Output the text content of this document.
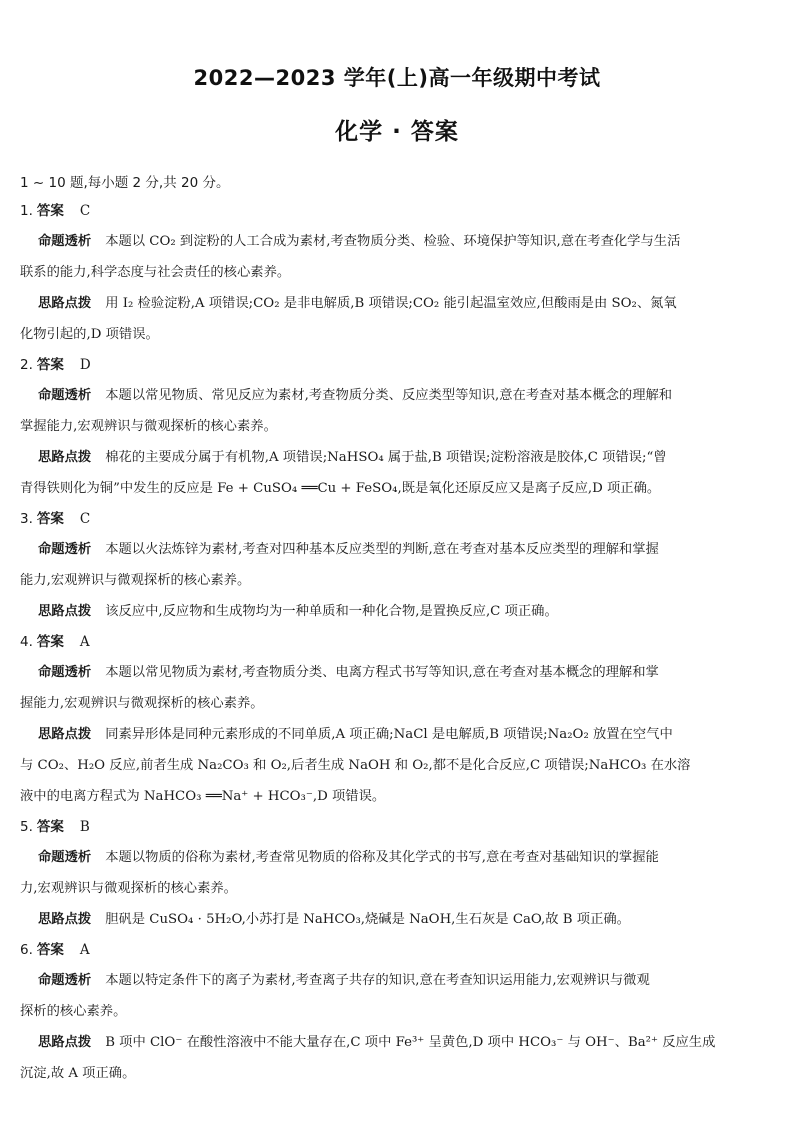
2022—2023 学年(上)高一年级期中考试
化学 · 答案
1 ~ 10 题,每小题 2 分,共 20 分。
1. 答案 C
命题透析 本题以 CO₂ 到淀粉的人工合成为素材,考查物质分类、检验、环境保护等知识,意在考查化学与生活
联系的能力,科学态度与社会责任的核心素养。
思路点拨 用 I₂ 检验淀粉,A 项错误;CO₂ 是非电解质,B 项错误;CO₂ 能引起温室效应,但酸雨是由 SO₂、氮氧
化物引起的,D 项错误。
2. 答案 D
命题透析 本题以常见物质、常见反应为素材,考查物质分类、反应类型等知识,意在考查对基本概念的理解和
掌握能力,宏观辨识与微观探析的核心素养。
思路点拨 棉花的主要成分属于有机物,A 项错误;NaHSO₄ 属于盐,B 项错误;淀粉溶液是胶体,C 项错误;“曾
青得铁则化为铜”中发生的反应是 Fe + CuSO₄ ══Cu + FeSO₄,既是氧化还原反应又是离子反应,D 项正确。
3. 答案 C
命题透析 本题以火法炼锌为素材,考查对四种基本反应类型的判断,意在考查对基本反应类型的理解和掌握
能力,宏观辨识与微观探析的核心素养。
思路点拨 该反应中,反应物和生成物均为一种单质和一种化合物,是置换反应,C 项正确。
4. 答案 A
命题透析 本题以常见物质为素材,考查物质分类、电离方程式书写等知识,意在考查对基本概念的理解和掌
握能力,宏观辨识与微观探析的核心素养。
思路点拨 同素异形体是同种元素形成的不同单质,A 项正确;NaCl 是电解质,B 项错误;Na₂O₂ 放置在空气中
与 CO₂、H₂O 反应,前者生成 Na₂CO₃ 和 O₂,后者生成 NaOH 和 O₂,都不是化合反应,C 项错误;NaHCO₃ 在水溶
液中的电离方程式为 NaHCO₃ ══Na⁺ + HCO₃⁻,D 项错误。
5. 答案 B
命题透析 本题以物质的俗称为素材,考查常见物质的俗称及其化学式的书写,意在考查对基础知识的掌握能
力,宏观辨识与微观探析的核心素养。
思路点拨 胆矾是 CuSO₄ · 5H₂O,小苏打是 NaHCO₃,烧碱是 NaOH,生石灰是 CaO,故 B 项正确。
6. 答案 A
命题透析 本题以特定条件下的离子为素材,考查离子共存的知识,意在考查知识运用能力,宏观辨识与微观
探析的核心素养。
思路点拨 B 项中 ClO⁻ 在酸性溶液中不能大量存在,C 项中 Fe³⁺ 呈黄色,D 项中 HCO₃⁻ 与 OH⁻、Ba²⁺ 反应生成
沉淀,故 A 项正确。
